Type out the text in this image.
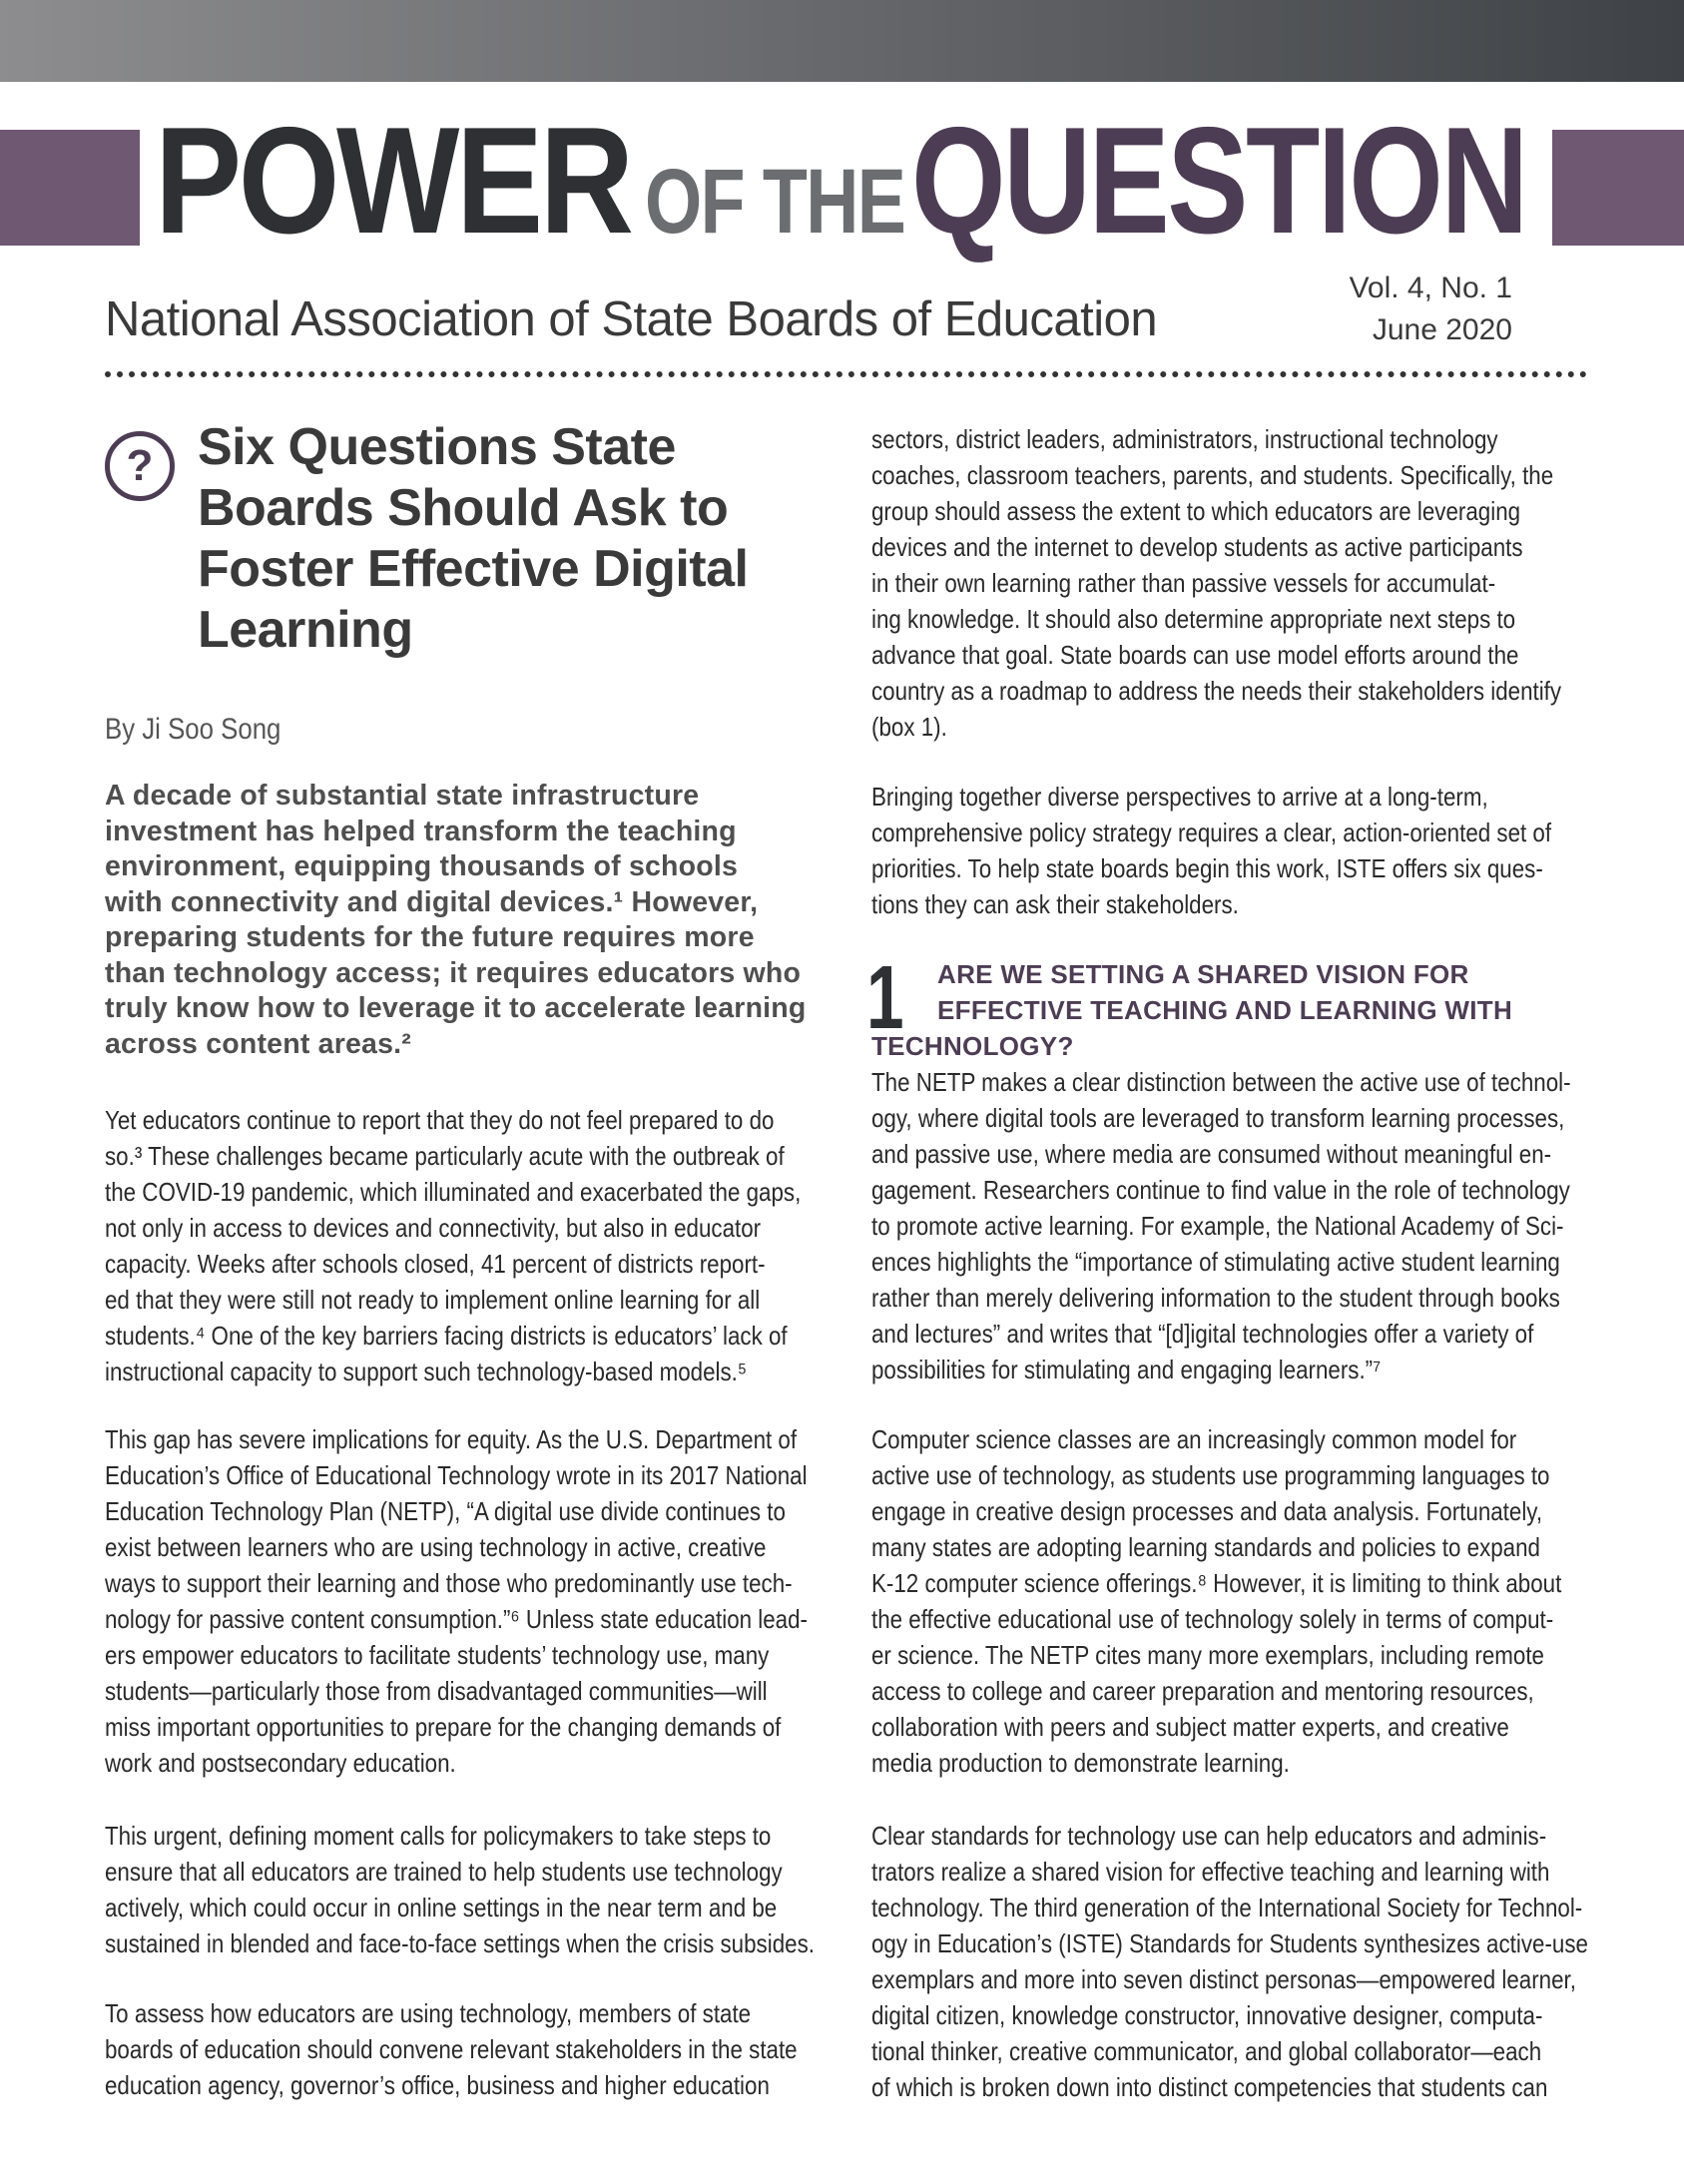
POWER OF THE QUESTION
National Association of State Boards of Education
Vol. 4, No. 1
June 2020
? Six Questions State
Boards Should Ask to
Foster Effective Digital
Learning
By Ji Soo Song
A decade of substantial state infrastructure
investment has helped transform the teaching
environment, equipping thousands of schools
with connectivity and digital devices.¹ However,
preparing students for the future requires more
than technology access; it requires educators who
truly know how to leverage it to accelerate learning
across content areas.²
Yet educators continue to report that they do not feel prepared to do
so.³ These challenges became particularly acute with the outbreak of
the COVID-19 pandemic, which illuminated and exacerbated the gaps,
not only in access to devices and connectivity, but also in educator
capacity. Weeks after schools closed, 41 percent of districts report-
ed that they were still not ready to implement online learning for all
students.⁴ One of the key barriers facing districts is educators’ lack of
instructional capacity to support such technology-based models.⁵
This gap has severe implications for equity. As the U.S. Department of
Education’s Office of Educational Technology wrote in its 2017 National
Education Technology Plan (NETP), “A digital use divide continues to
exist between learners who are using technology in active, creative
ways to support their learning and those who predominantly use tech-
nology for passive content consumption.”⁶ Unless state education lead-
ers empower educators to facilitate students’ technology use, many
students—particularly those from disadvantaged communities—will
miss important opportunities to prepare for the changing demands of
work and postsecondary education.
This urgent, defining moment calls for policymakers to take steps to
ensure that all educators are trained to help students use technology
actively, which could occur in online settings in the near term and be
sustained in blended and face-to-face settings when the crisis subsides.
To assess how educators are using technology, members of state
boards of education should convene relevant stakeholders in the state
education agency, governor’s office, business and higher education
sectors, district leaders, administrators, instructional technology
coaches, classroom teachers, parents, and students. Specifically, the
group should assess the extent to which educators are leveraging
devices and the internet to develop students as active participants
in their own learning rather than passive vessels for accumulat-
ing knowledge. It should also determine appropriate next steps to
advance that goal. State boards can use model efforts around the
country as a roadmap to address the needs their stakeholders identify
(box 1).
Bringing together diverse perspectives to arrive at a long-term,
comprehensive policy strategy requires a clear, action-oriented set of
priorities. To help state boards begin this work, ISTE offers six ques-
tions they can ask their stakeholders.
1	ARE WE SETTING A SHARED VISION FOR
EFFECTIVE TEACHING AND LEARNING WITH
TECHNOLOGY?
The NETP makes a clear distinction between the active use of technol-
ogy, where digital tools are leveraged to transform learning processes,
and passive use, where media are consumed without meaningful en-
gagement. Researchers continue to find value in the role of technology
to promote active learning. For example, the National Academy of Sci-
ences highlights the “importance of stimulating active student learning
rather than merely delivering information to the student through books
and lectures” and writes that “[d]igital technologies offer a variety of
possibilities for stimulating and engaging learners.”⁷
Computer science classes are an increasingly common model for
active use of technology, as students use programming languages to
engage in creative design processes and data analysis. Fortunately,
many states are adopting learning standards and policies to expand
K-12 computer science offerings.⁸ However, it is limiting to think about
the effective educational use of technology solely in terms of comput-
er science. The NETP cites many more exemplars, including remote
access to college and career preparation and mentoring resources,
collaboration with peers and subject matter experts, and creative
media production to demonstrate learning.
Clear standards for technology use can help educators and adminis-
trators realize a shared vision for effective teaching and learning with
technology. The third generation of the International Society for Technol-
ogy in Education’s (ISTE) Standards for Students synthesizes active-use
exemplars and more into seven distinct personas—empowered learner,
digital citizen, knowledge constructor, innovative designer, computa-
tional thinker, creative communicator, and global collaborator—each
of which is broken down into distinct competencies that students can
